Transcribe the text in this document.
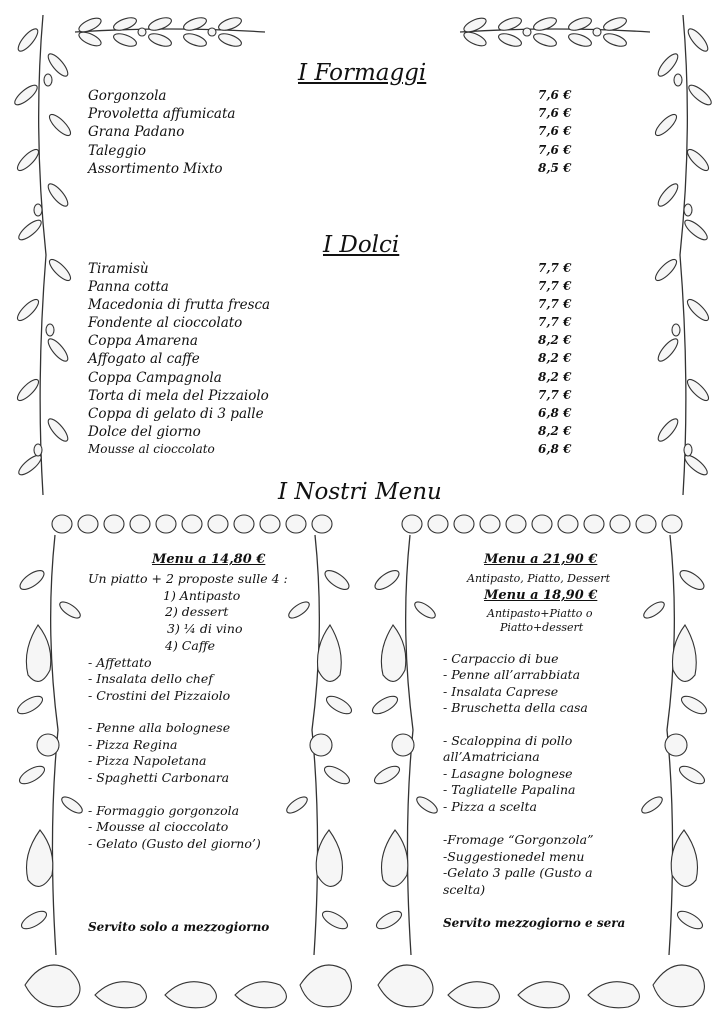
I Formaggi
Gorgonzola	7,6 €
Provoletta affumicata	7,6 €
Grana Padano	7,6 €
Taleggio	7,6 €
Assortimento Mixto	8,5 €
I Dolci
Tiramisù	7,7 €
Panna cotta	7,7 €
Macedonia di frutta fresca	7,7 €
Fondente al cioccolato	7,7 €
Coppa Amarena	8,2 €
Affogato al caffe	8,2 €
Coppa Campagnola	8,2 €
Torta di mela del Pizzaiolo	7,7 €
Coppa di gelato di 3 palle	6,8 €
Dolce del giorno	8,2 €
Mousse al cioccolato	6,8 €
I Nostri Menu
Menu a 14,80 €
Un piatto + 2 proposte sulle 4 :
1) Antipasto
2) dessert
3) ¼ di vino
4) Caffe
- Affettato
- Insalata dello chef
- Crostini del Pizzaiolo
- Penne alla bolognese
- Pizza Regina
- Pizza Napoletana
- Spaghetti Carbonara
- Formaggio gorgonzola
- Mousse al cioccolato
- Gelato (Gusto del giorno’)
Servito solo a mezzogiorno
Menu a 21,90 €
Antipasto, Piatto, Dessert
Menu a 18,90 €
Antipasto+Piatto o
Piatto+dessert
- Carpaccio di bue
- Penne all’arrabbiata
- Insalata Caprese
- Bruschetta della casa
- Scaloppina di pollo
all’Amatriciana
- Lasagne bolognese
- Tagliatelle Papalina
- Pizza a scelta
-Fromage “Gorgonzola”
-Suggestionedel menu
-Gelato 3 palle (Gusto a
scelta)
Servito mezzogiorno e sera
